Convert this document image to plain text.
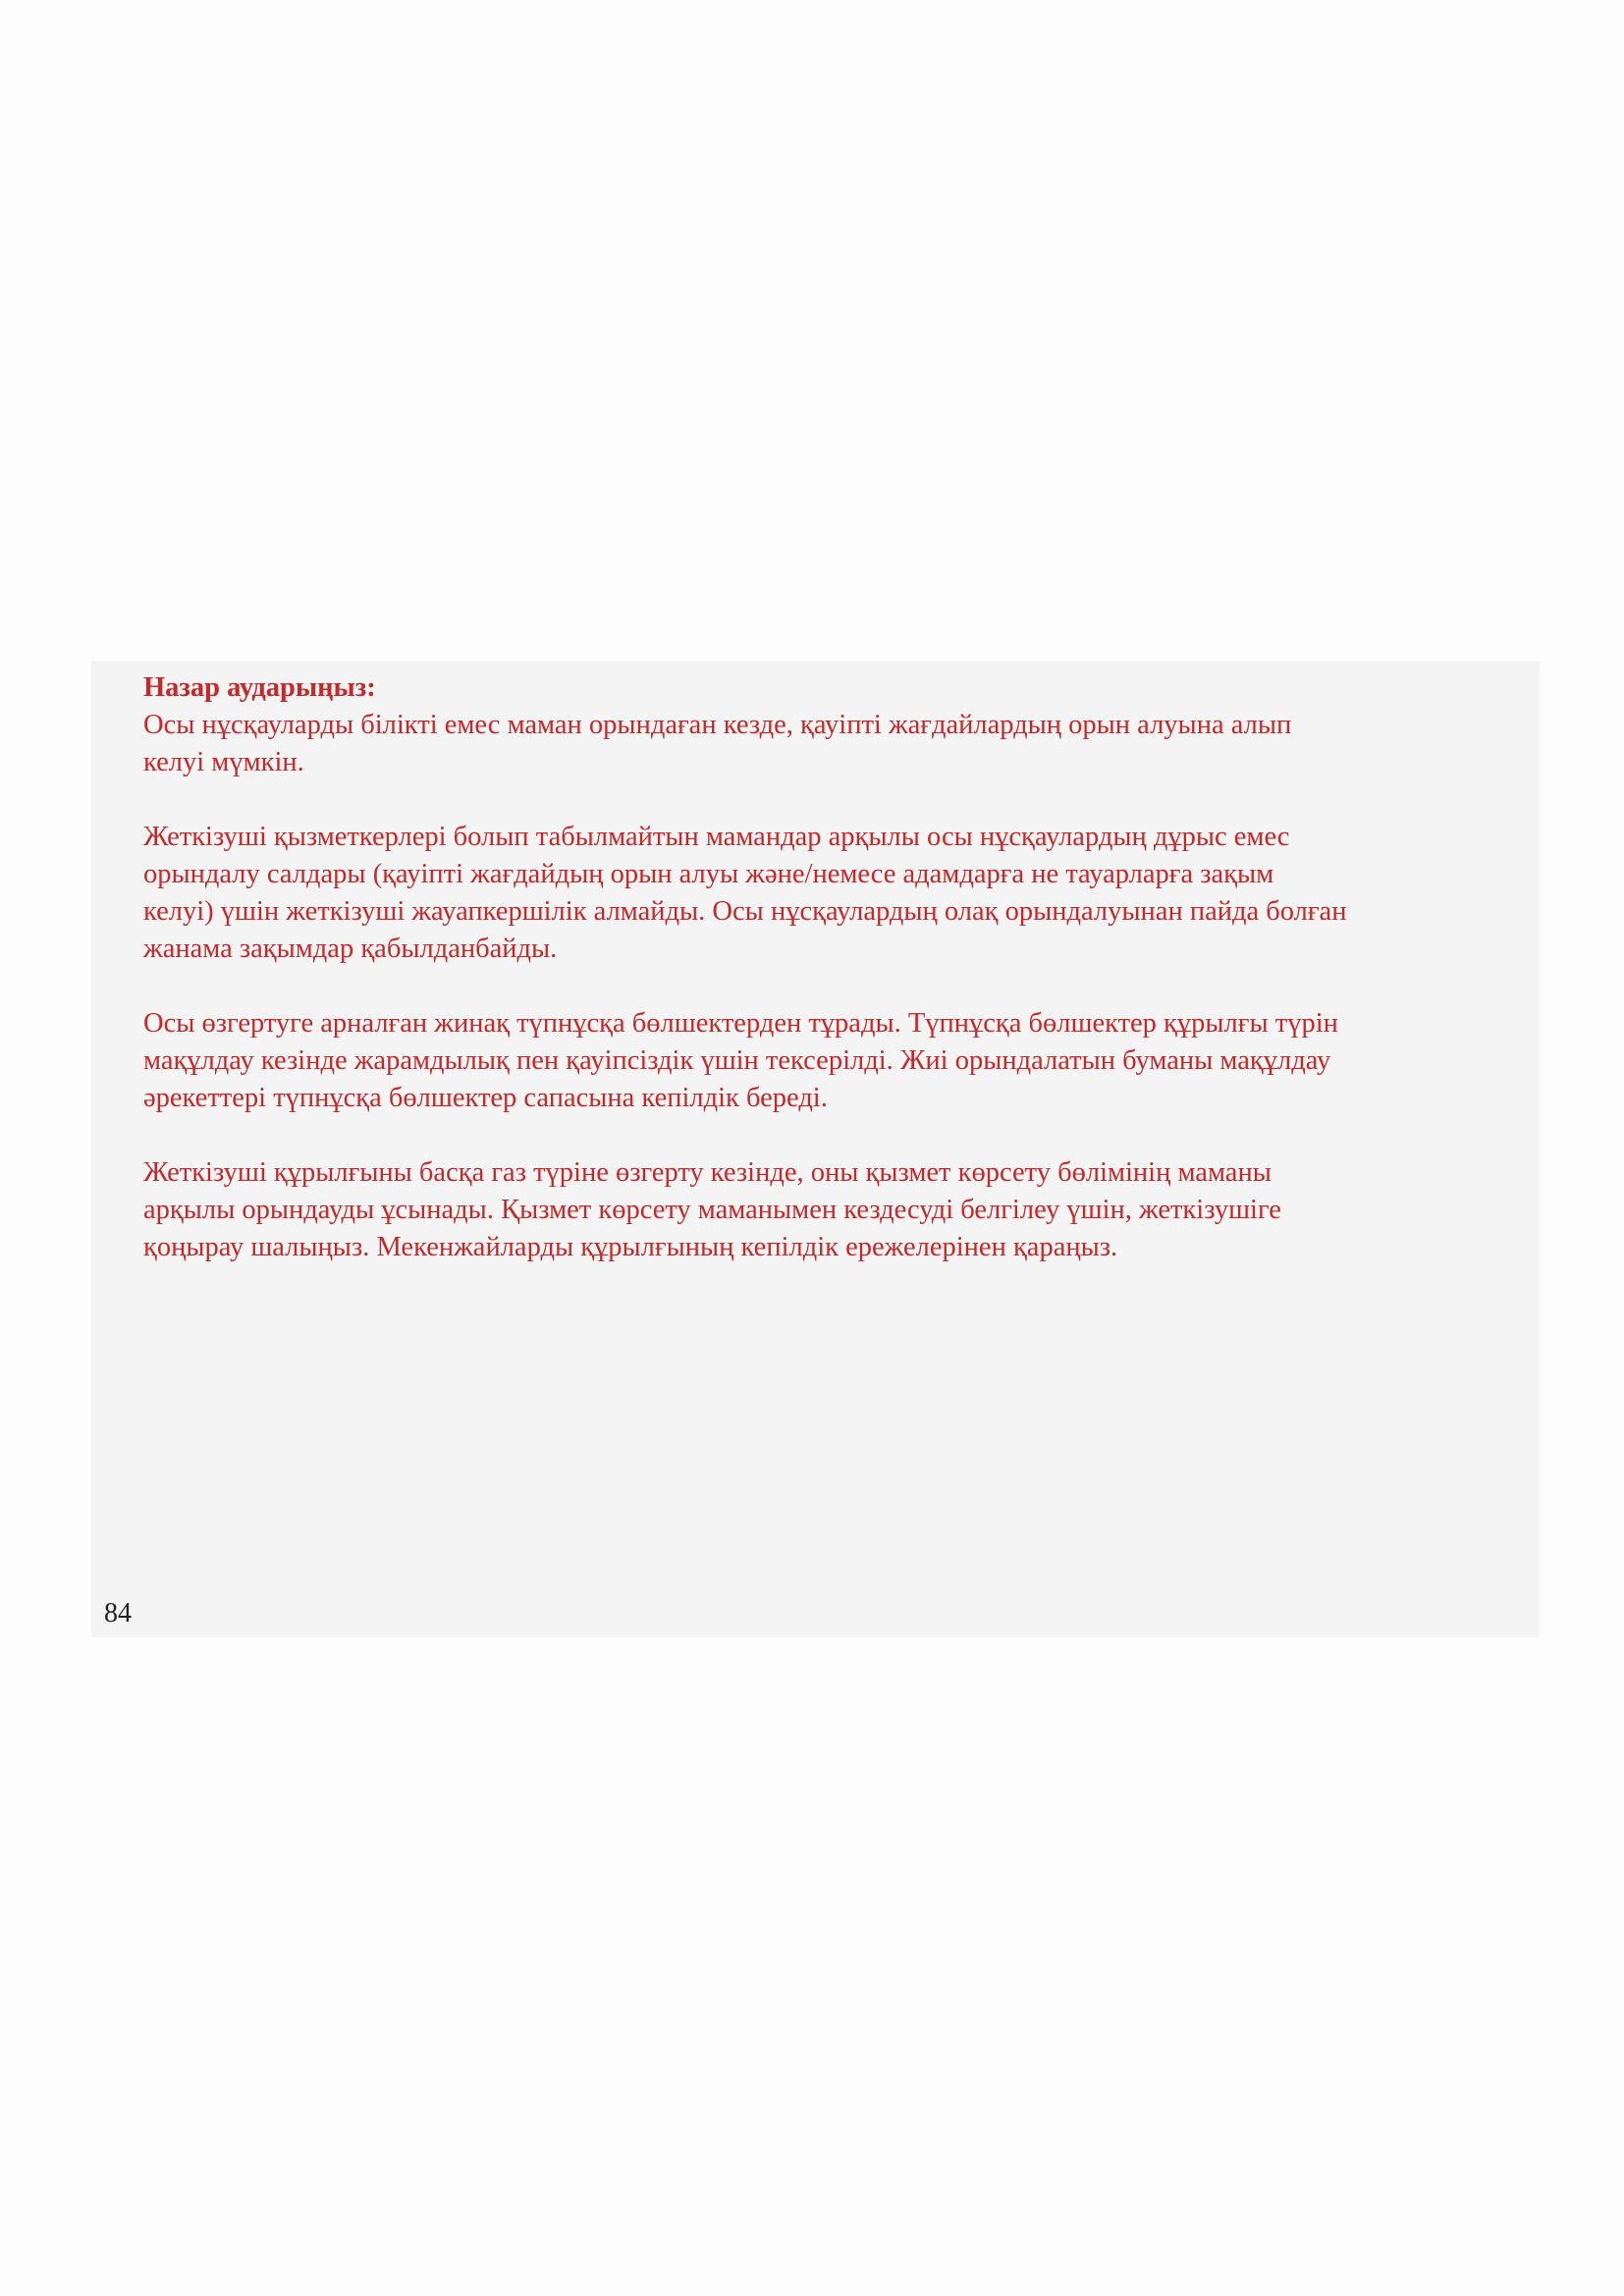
Назар аударыңыз:

Осы нұсқауларды білікті емес маман орындаған кезде, қауіпті жағдайлардың орын алуына алып
келуі мүмкін.

Жеткізуші қызметкерлері болып табылмайтын мамандар арқылы осы нұсқаулардың дұрыс емес
орындалу салдары (қауіпті жағдайдың орын алуы және/немесе адамдарға не тауарларға зақым
келуі) үшін жеткізуші жауапкершілік алмайды. Осы нұсқаулардың олақ орындалуынан пайда болған
жанама зақымдар қабылданбайды.

Осы өзгертуге арналған жинақ түпнұсқа бөлшектерден тұрады. Түпнұсқа бөлшектер құрылғы түрін
мақұлдау кезінде жарамдылық пен қауіпсіздік үшін тексерілді. Жиі орындалатын буманы мақұлдау
әрекеттері түпнұсқа бөлшектер сапасына кепілдік береді.

Жеткізуші құрылғыны басқа газ түріне өзгерту кезінде, оны қызмет көрсету бөлімінің маманы
арқылы орындауды ұсынады. Қызмет көрсету маманымен кездесуді белгілеу үшін, жеткізушіге
қоңырау шалыңыз. Мекенжайларды құрылғының кепілдік ережелерінен қараңыз.

84
